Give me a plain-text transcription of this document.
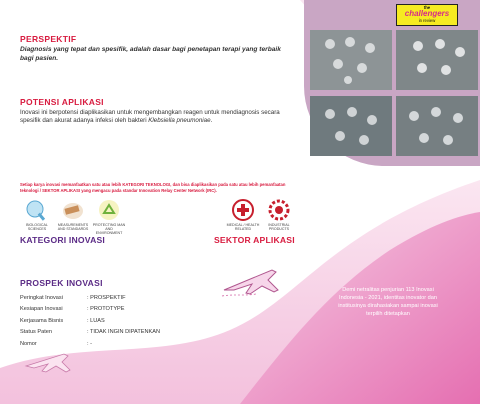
the
challengers
in review
PERSPEKTIF
Diagnosis yang tepat dan spesifik, adalah dasar bagi penetapan terapi yang terbaik bagi pasien.
POTENSI APLIKASI
Inovasi ini berpotensi diaplikasikan untuk mengembangkan reagen untuk mendiagnosis secara spesifik dan akurat adanya infeksi oleh bakteri Klebsiella pneumoniae.
Setiap karya inovasi memanfaatkan satu atau lebih KATEGORI TEKNOLOGI, dan bisa diaplikasikan pada satu atau lebih pemanfaatan teknologi / SEKTOR APLIKASI yang mengacu pada standar Innovation Relay Center Network (IRC).
BIOLOGICAL SCIENCES
MEASUREMENTS AND STANDARDS
PROTECTING MAN AND ENVIRONMENT
MEDICAL / HEALTH RELATED
INDUSTRIAL PRODUCTS
KATEGORI INOVASI	SEKTOR APLIKASI
PROSPEK INOVASI
Peringkat Inovasi	: PROSPEKTIF
Kesiapan Inovasi	: PROTOTYPE
Kerjasama Bisnis	: LUAS
Status Paten	: TIDAK INGIN DIPATENKAN
Nomor	: -
Demi netralitas penjurian 113 Inovasi Indonesia - 2021, identitas inovator dan institusinya dirahasiakan sampai inovasi terpilih ditetapkan
